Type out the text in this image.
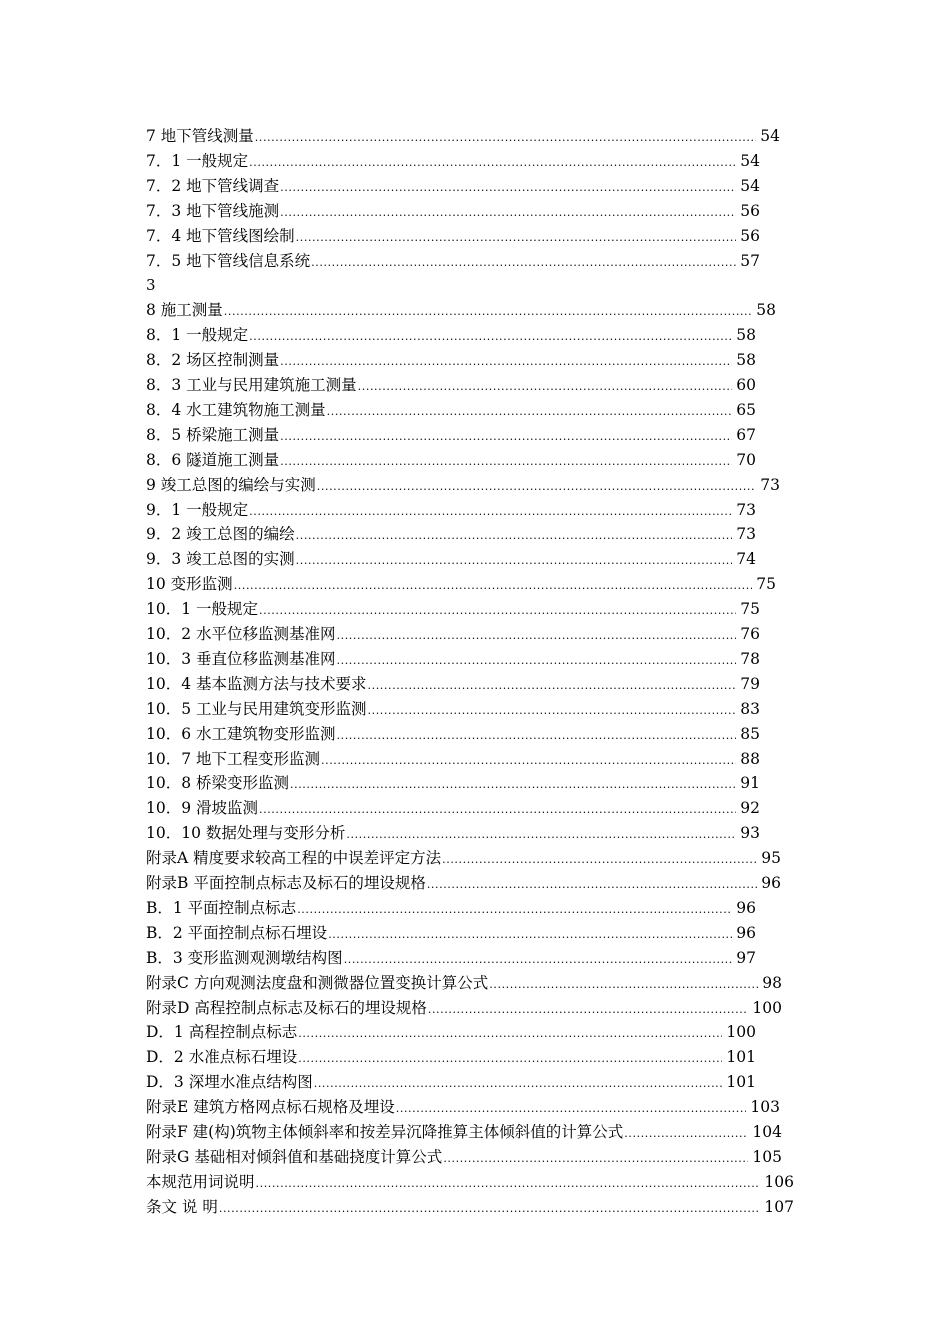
7 地下管线测量 .....	54
7．1 一般规定 .....	54
7．2 地下管线调查 .....	54
7．3 地下管线施测 .....	56
7．4 地下管线图绘制 .....	56
7．5 地下管线信息系统 .....	57
8 施工测量 .....	58
8．1 一般规定 .....	58
8．2 场区控制测量 .....	58
8．3 工业与民用建筑施工测量 .....	60
8．4 水工建筑物施工测量 .....	65
8．5 桥梁施工测量 .....	67
8．6 隧道施工测量 .....	70
9 竣工总图的编绘与实测 .....	73
9．1 一般规定 .....	73
9．2 竣工总图的编绘 .....	73
9．3 竣工总图的实测 .....	74
10 变形监测 .....	75
10．1 一般规定 .....	75
10．2 水平位移监测基准网 .....	76
10．3 垂直位移监测基准网 .....	78
10．4 基本监测方法与技术要求 .....	79
10．5 工业与民用建筑变形监测 .....	83
10．6 水工建筑物变形监测 .....	85
10．7 地下工程变形监测 .....	88
10．8 桥梁变形监测 .....	91
10．9 滑坡监测 .....	92
10．10 数据处理与变形分析 .....	93
附录A 精度要求较高工程的中误差评定方法 .....	95
附录B 平面控制点标志及标石的埋设规格 .....	96
B．1 平面控制点标志 .....	96
B．2 平面控制点标石埋设 .....	96
B．3 变形监测观测墩结构图 .....	97
附录C 方向观测法度盘和测微器位置变换计算公式 .....	98
附录D 高程控制点标志及标石的埋设规格 .....	100
D．1 高程控制点标志 .....	100
D．2 水准点标石埋设 .....	101
D．3 深埋水准点结构图 .....	101
附录E 建筑方格网点标石规格及埋设 .....	103
附录F 建(构)筑物主体倾斜率和按差异沉降推算主体倾斜值的计算公式 .....	104
附录G 基础相对倾斜值和基础挠度计算公式 .....	105
本规范用词说明 .....	106
条文 说 明 .....	107
3
